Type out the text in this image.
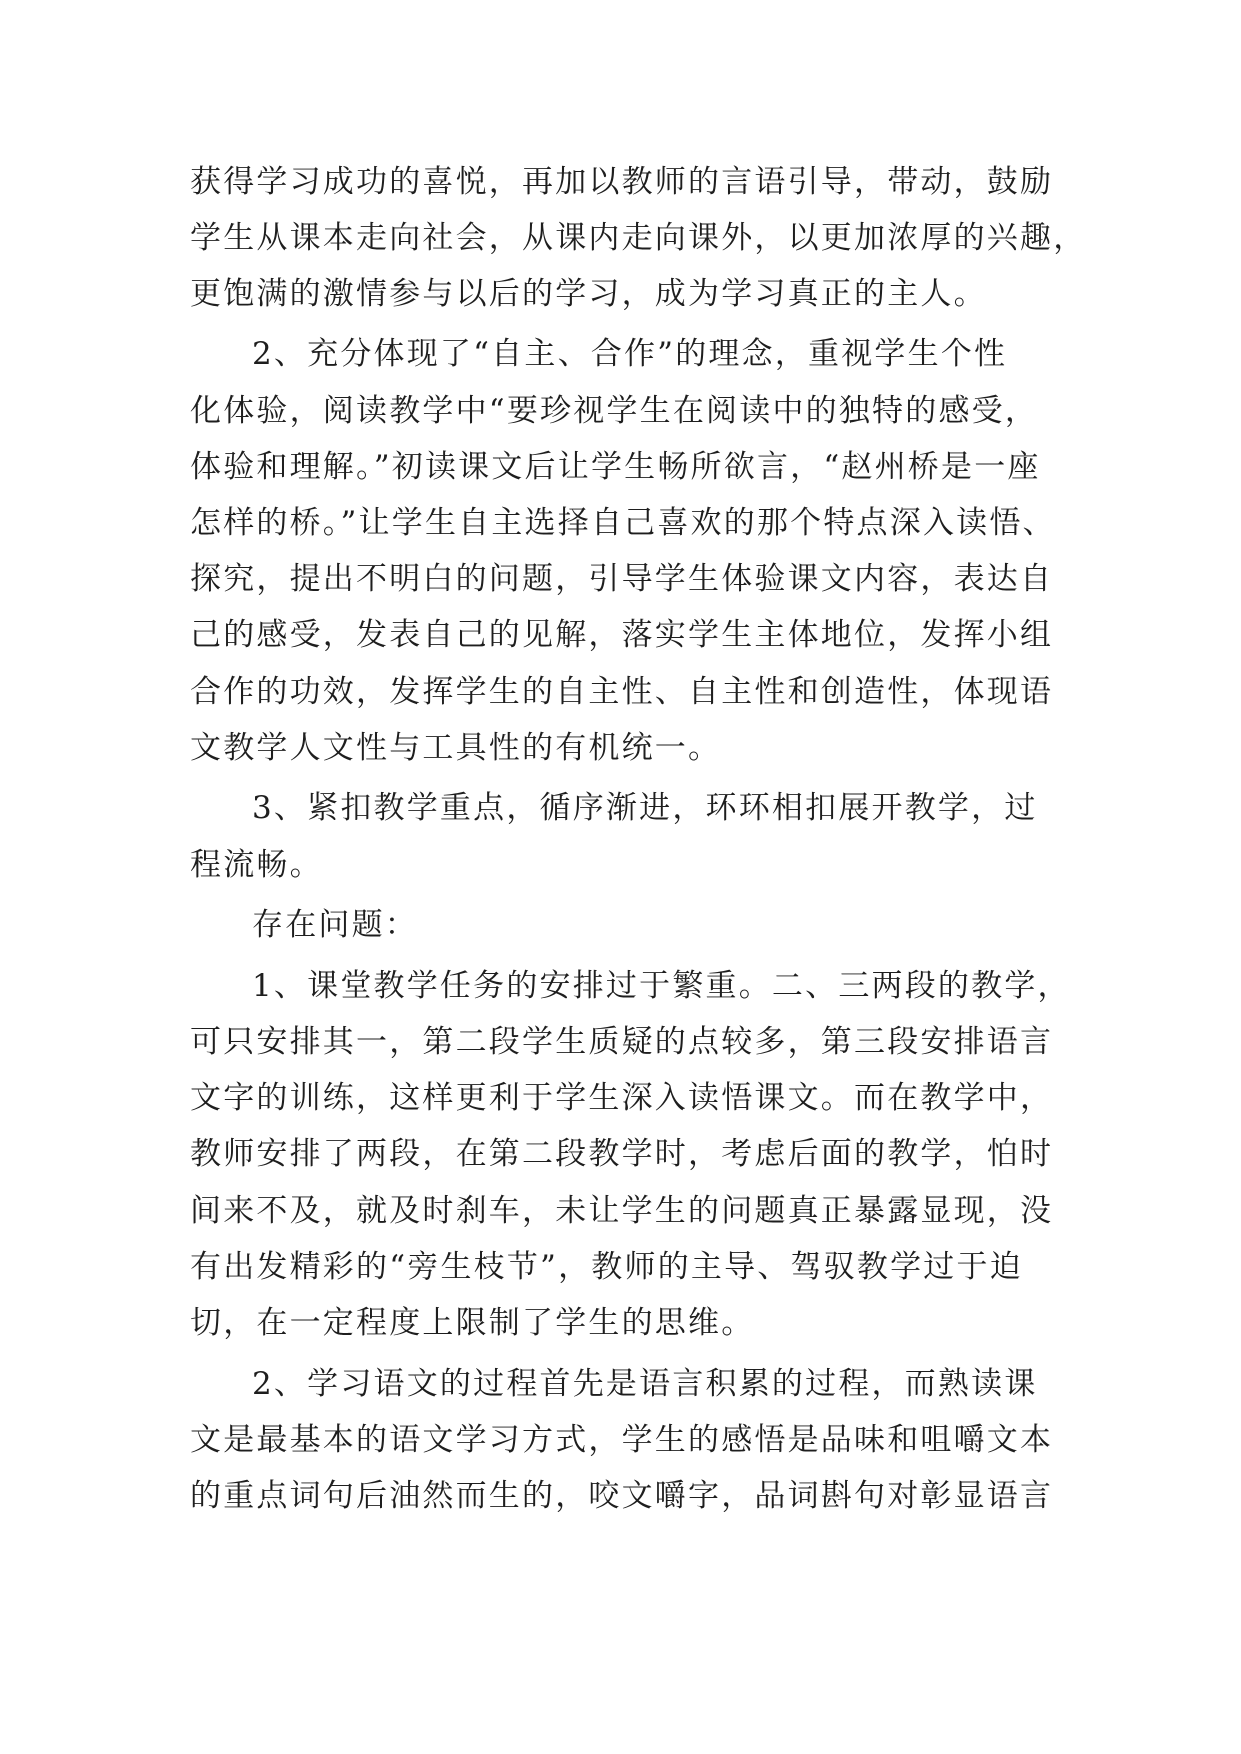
获得学习成功的喜悦，再加以教师的言语引导，带动，鼓励

学生从课本走向社会，从课内走向课外，以更加浓厚的兴趣，

更饱满的激情参与以后的学习，成为学习真正的主人。

2、充分体现了“自主、合作”的理念，重视学生个性

化体验，阅读教学中“要珍视学生在阅读中的独特的感受，

体验和理解。”初读课文后让学生畅所欲言，“赵州桥是一座

怎样的桥。”让学生自主选择自己喜欢的那个特点深入读悟、

探究，提出不明白的问题，引导学生体验课文内容，表达自

己的感受，发表自己的见解，落实学生主体地位，发挥小组

合作的功效，发挥学生的自主性、自主性和创造性，体现语

文教学人文性与工具性的有机统一。

3、紧扣教学重点，循序渐进，环环相扣展开教学，过

程流畅。

存在问题：

1、课堂教学任务的安排过于繁重。二、三两段的教学，

可只安排其一，第二段学生质疑的点较多，第三段安排语言

文字的训练，这样更利于学生深入读悟课文。而在教学中，

教师安排了两段，在第二段教学时，考虑后面的教学，怕时

间来不及，就及时刹车，未让学生的问题真正暴露显现，没

有出发精彩的“旁生枝节”，教师的主导、驾驭教学过于迫

切，在一定程度上限制了学生的思维。

2、学习语文的过程首先是语言积累的过程，而熟读课

文是最基本的语文学习方式，学生的感悟是品味和咀嚼文本

的重点词句后油然而生的，咬文嚼字，品词斟句对彰显语言
